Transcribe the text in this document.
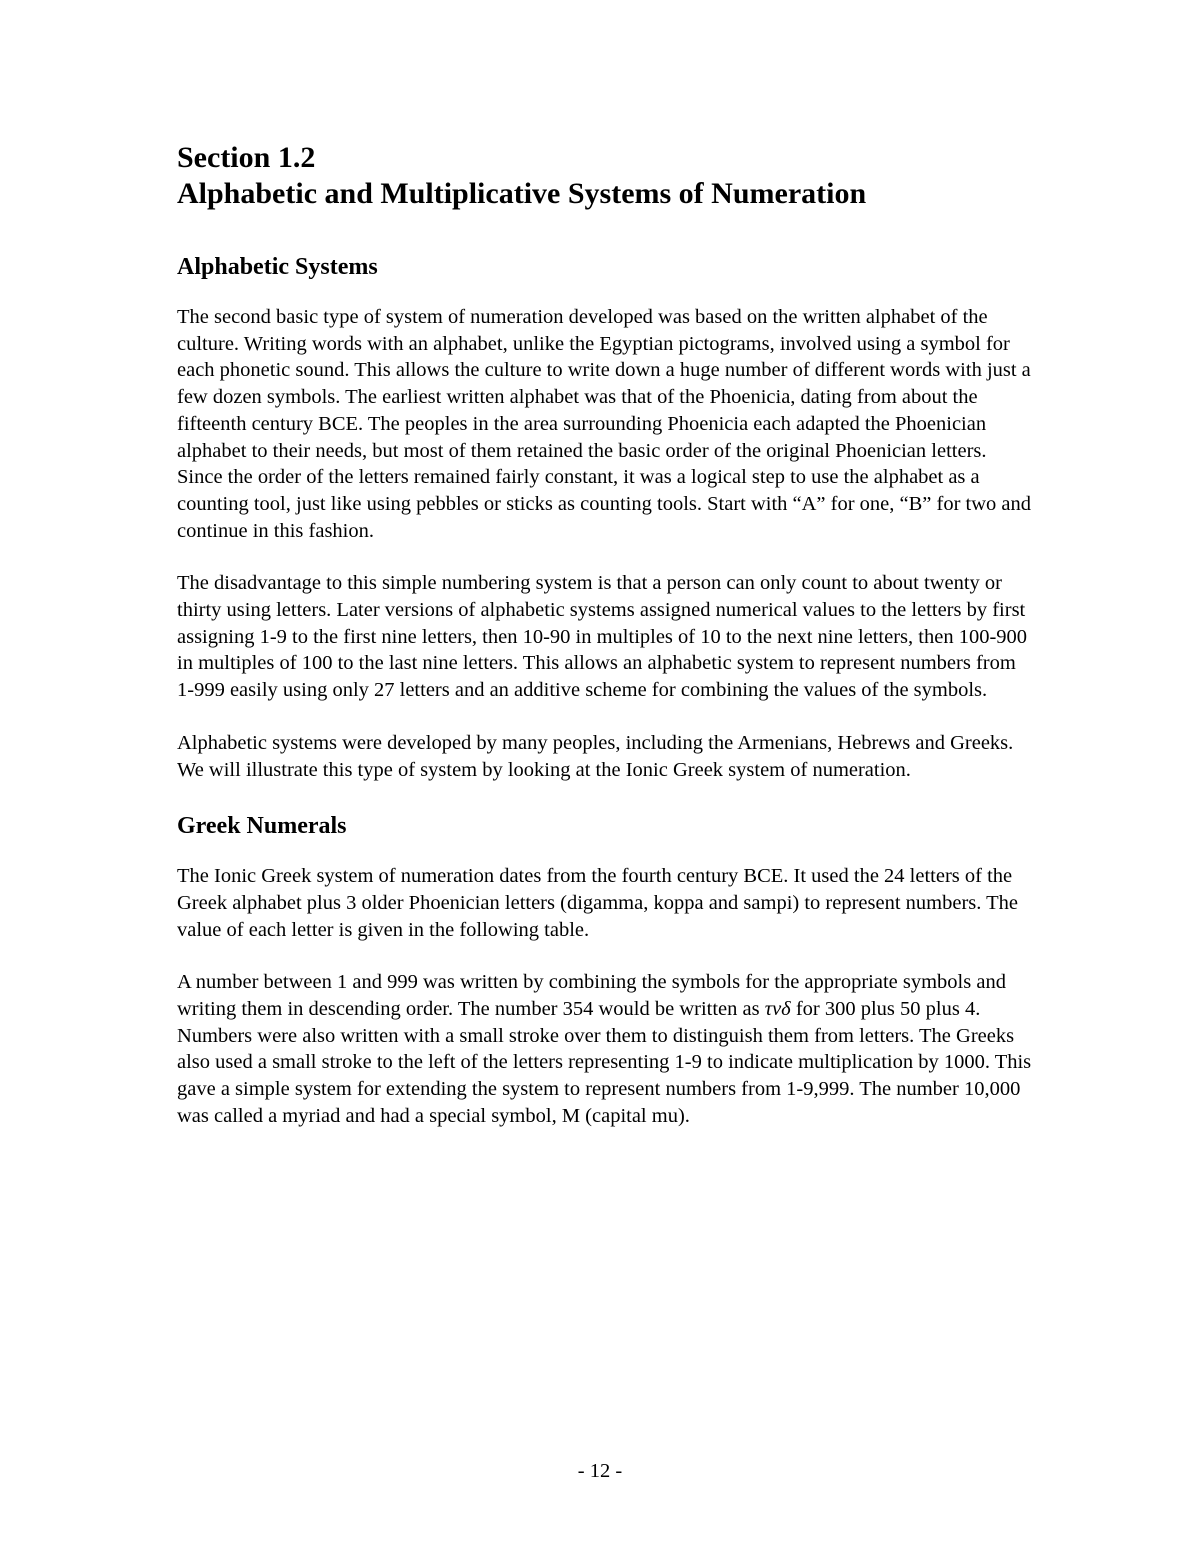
Section 1.2
Alphabetic and Multiplicative Systems of Numeration
Alphabetic Systems

The second basic type of system of numeration developed was based on the written alphabet of the culture. Writing words with an alphabet, unlike the Egyptian pictograms, involved using a symbol for each phonetic sound. This allows the culture to write down a huge number of different words with just a few dozen symbols. The earliest written alphabet was that of the Phoenicia, dating from about the fifteenth century BCE. The peoples in the area surrounding Phoenicia each adapted the Phoenician alphabet to their needs, but most of them retained the basic order of the original Phoenician letters. Since the order of the letters remained fairly constant, it was a logical step to use the alphabet as a counting tool, just like using pebbles or sticks as counting tools. Start with “A” for one, “B” for two and continue in this fashion.

The disadvantage to this simple numbering system is that a person can only count to about twenty or thirty using letters. Later versions of alphabetic systems assigned numerical values to the letters by first assigning 1-9 to the first nine letters, then 10-90 in multiples of 10 to the next nine letters, then 100-900 in multiples of 100 to the last nine letters. This allows an alphabetic system to represent numbers from 1-999 easily using only 27 letters and an additive scheme for combining the values of the symbols.

Alphabetic systems were developed by many peoples, including the Armenians, Hebrews and Greeks. We will illustrate this type of system by looking at the Ionic Greek system of numeration.

Greek Numerals

The Ionic Greek system of numeration dates from the fourth century BCE. It used the 24 letters of the Greek alphabet plus 3 older Phoenician letters (digamma, koppa and sampi) to represent numbers. The value of each letter is given in the following table.

A number between 1 and 999 was written by combining the symbols for the appropriate symbols and writing them in descending order. The number 354 would be written as τνδ for 300 plus 50 plus 4. Numbers were also written with a small stroke over them to distinguish them from letters. The Greeks also used a small stroke to the left of the letters representing 1-9 to indicate multiplication by 1000. This gave a simple system for extending the system to represent numbers from 1-9,999. The number 10,000 was called a myriad and had a special symbol, M (capital mu).

- 12 -
